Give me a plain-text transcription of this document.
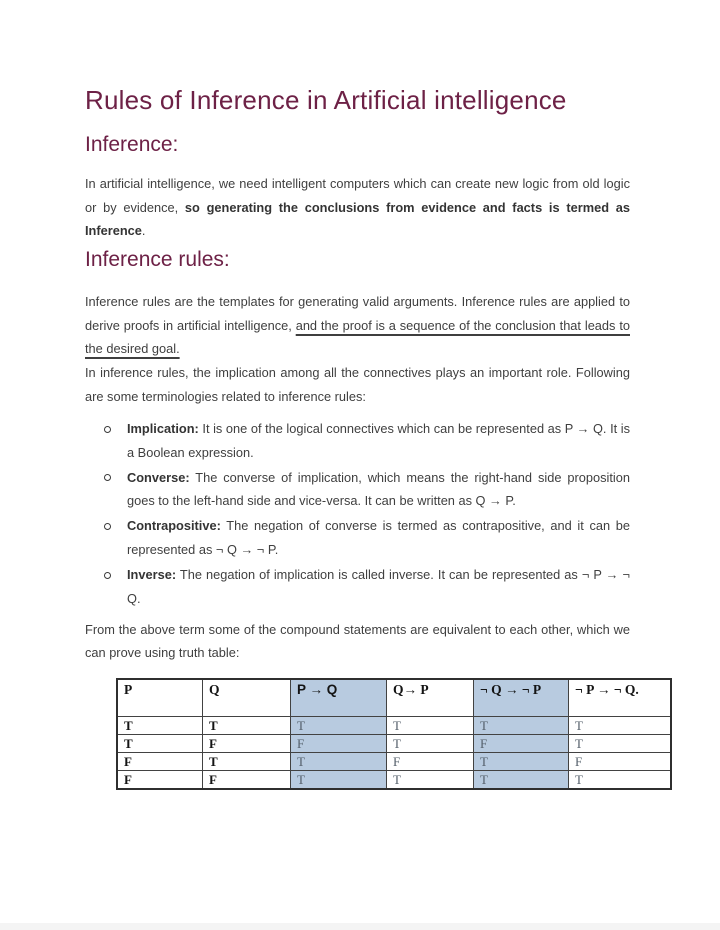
Rules of Inference in Artificial intelligence
Inference:
In artificial intelligence, we need intelligent computers which can create new logic from old logic or by evidence, so generating the conclusions from evidence and facts is termed as Inference.
Inference rules:
Inference rules are the templates for generating valid arguments. Inference rules are applied to derive proofs in artificial intelligence, and the proof is a sequence of the conclusion that leads to the desired goal.
In inference rules, the implication among all the connectives plays an important role. Following are some terminologies related to inference rules:
Implication: It is one of the logical connectives which can be represented as P → Q. It is a Boolean expression.
Converse: The converse of implication, which means the right-hand side proposition goes to the left-hand side and vice-versa. It can be written as Q → P.
Contrapositive: The negation of converse is termed as contrapositive, and it can be represented as ¬ Q → ¬ P.
Inverse: The negation of implication is called inverse. It can be represented as ¬ P → ¬ Q.
From the above term some of the compound statements are equivalent to each other, which we can prove using truth table:
P	Q	P → Q	Q→ P	¬ Q → ¬ P	¬ P → ¬ Q.
T	T	T	T	T	T
T	F	F	T	F	T
F	T	T	F	T	F
F	F	T	T	T	T
